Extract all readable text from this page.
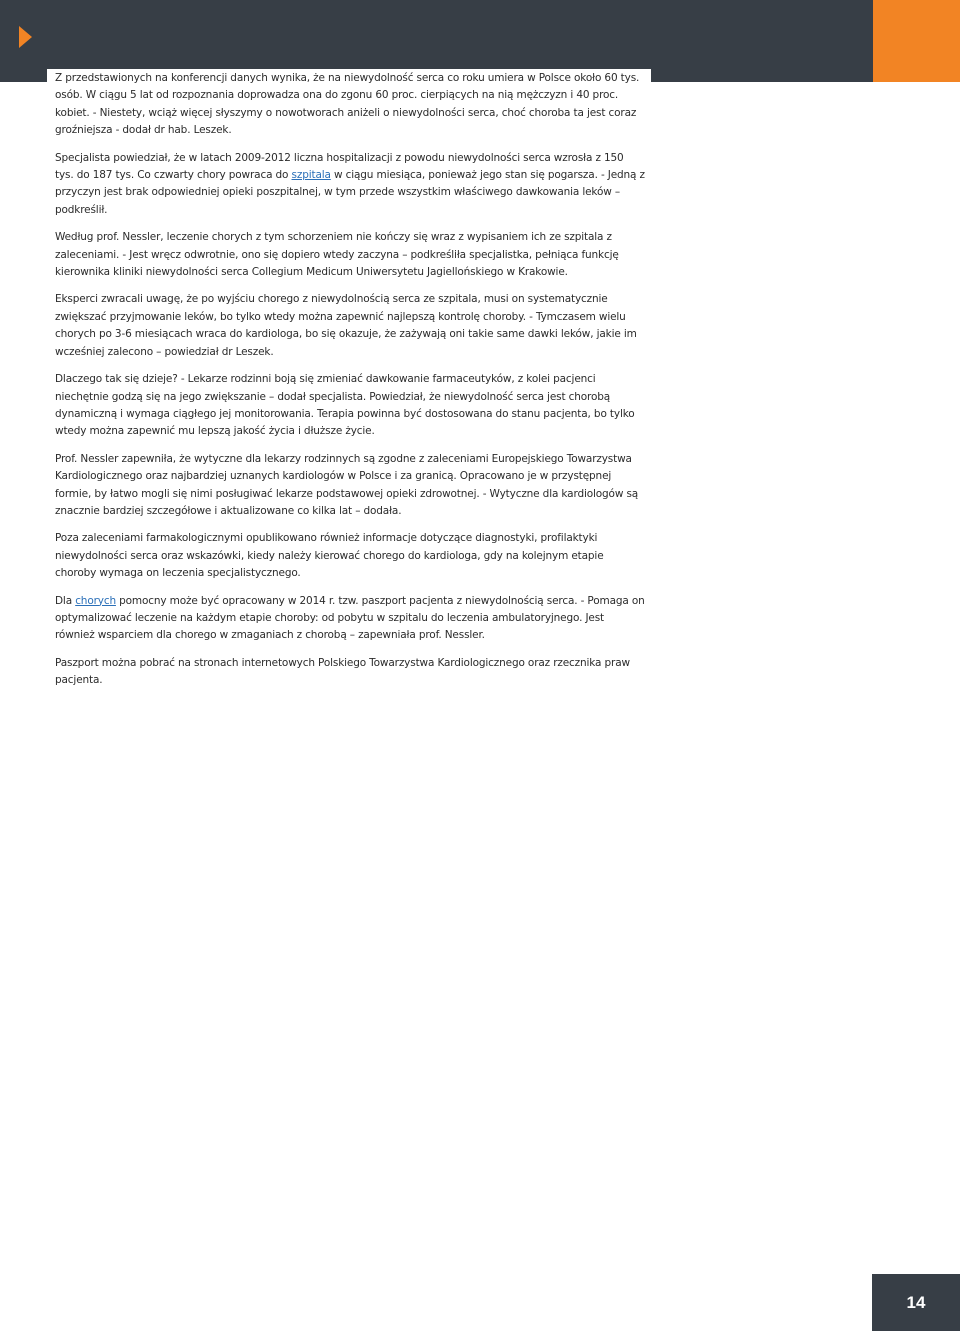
Z przedstawionych na konferencji danych wynika, że na niewydolność serca co roku umiera w Polsce około 60 tys. osób. W ciągu 5 lat od rozpoznania doprowadza ona do zgonu 60 proc. cierpiących na nią mężczyzn i 40 proc. kobiet. - Niestety, wciąż więcej słyszymy o nowotworach aniżeli o niewydolności serca, choć choroba ta jest coraz groźniejsza - dodał dr hab. Leszek.

Specjalista powiedział, że w latach 2009-2012 liczna hospitalizacji z powodu niewydolności serca wzrosła z 150 tys. do 187 tys. Co czwarty chory powraca do szpitala w ciągu miesiąca, ponieważ jego stan się pogarsza. - Jedną z przyczyn jest brak odpowiedniej opieki poszpitalnej, w tym przede wszystkim właściwego dawkowania leków – podkreślił.

Według prof. Nessler, leczenie chorych z tym schorzeniem nie kończy się wraz z wypisaniem ich ze szpitala z zaleceniami. - Jest wręcz odwrotnie, ono się dopiero wtedy zaczyna – podkreśliła specjalistka, pełniąca funkcję kierownika kliniki niewydolności serca Collegium Medicum Uniwersytetu Jagiellońskiego w Krakowie.

Eksperci zwracali uwagę, że po wyjściu chorego z niewydolnością serca ze szpitala, musi on systematycznie zwiększać przyjmowanie leków, bo tylko wtedy można zapewnić najlepszą kontrolę choroby. - Tymczasem wielu chorych po 3-6 miesiącach wraca do kardiologa, bo się okazuje, że zażywają oni takie same dawki leków, jakie im wcześniej zalecono – powiedział dr Leszek.

Dlaczego tak się dzieje? - Lekarze rodzinni boją się zmieniać dawkowanie farmaceutyków, z kolei pacjenci niechętnie godzą się na jego zwiększanie – dodał specjalista. Powiedział, że niewydolność serca jest chorobą dynamiczną i wymaga ciągłego jej monitorowania. Terapia powinna być dostosowana do stanu pacjenta, bo tylko wtedy można zapewnić mu lepszą jakość życia i dłuższe życie.

Prof. Nessler zapewniła, że wytyczne dla lekarzy rodzinnych są zgodne z zaleceniami Europejskiego Towarzystwa Kardiologicznego oraz najbardziej uznanych kardiologów w Polsce i za granicą. Opracowano je w przystępnej formie, by łatwo mogli się nimi posługiwać lekarze podstawowej opieki zdrowotnej. - Wytyczne dla kardiologów są znacznie bardziej szczegółowe i aktualizowane co kilka lat – dodała.

Poza zaleceniami farmakologicznymi opublikowano również informacje dotyczące diagnostyki, profilaktyki niewydolności serca oraz wskazówki, kiedy należy kierować chorego do kardiologa, gdy na kolejnym etapie choroby wymaga on leczenia specjalistycznego.

Dla chorych pomocny może być opracowany w 2014 r. tzw. paszport pacjenta z niewydolnością serca. - Pomaga on optymalizować leczenie na każdym etapie choroby: od pobytu w szpitalu do leczenia ambulatoryjnego. Jest również wsparciem dla chorego w zmaganiach z chorobą – zapewniała prof. Nessler.

Paszport można pobrać na stronach internetowych Polskiego Towarzystwa Kardiologicznego oraz rzecznika praw pacjenta.

14
